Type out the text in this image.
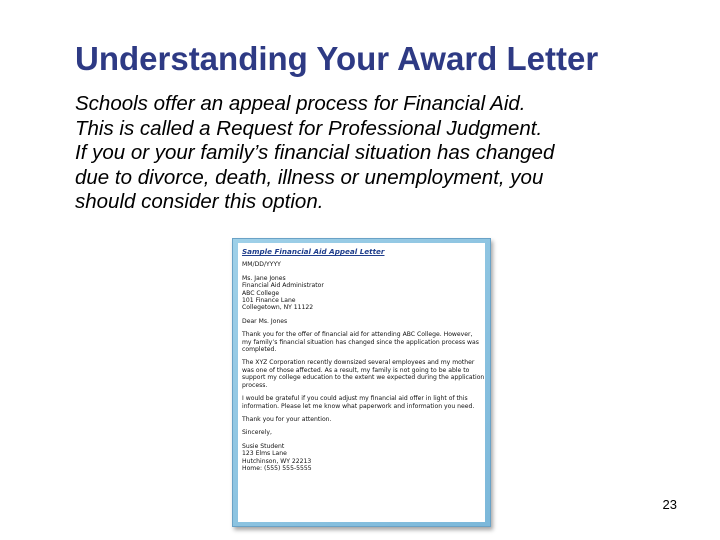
Understanding Your Award Letter
Schools offer an appeal process for Financial Aid.
This is called a Request for Professional Judgment.
If you or your family’s financial situation has changed
due to divorce, death, illness or unemployment, you
should consider this option.
Sample Financial Aid Appeal Letter
MM/DD/YYYY
Ms. Jane Jones
Financial Aid Administrator
ABC College
101 Finance Lane
Collegetown, NY 11122
Dear Ms. Jones
Thank you for the offer of financial aid for attending ABC College. However,
my family’s financial situation has changed since the application process was
completed.
The XYZ Corporation recently downsized several employees and my mother
was one of those affected. As a result, my family is not going to be able to
support my college education to the extent we expected during the application
process.
I would be grateful if you could adjust my financial aid offer in light of this
information. Please let me know what paperwork and information you need.
Thank you for your attention.
Sincerely,
Susie Student
123 Elms Lane
Hutchinson, WY 22213
Home: (555) 555-5555
23
